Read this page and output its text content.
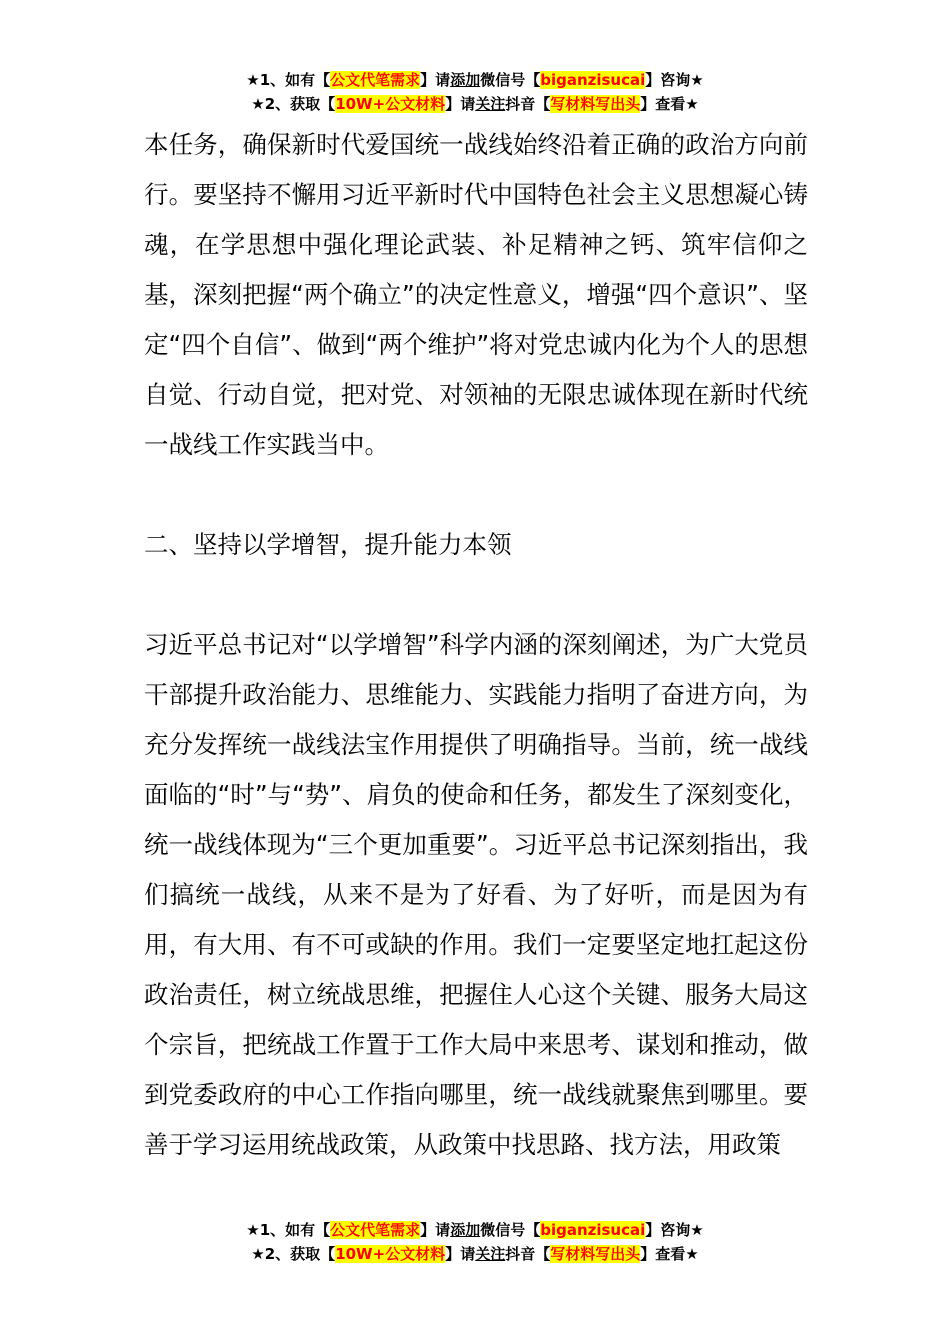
★1、如有【公文代笔需求】请添加微信号【biganzisucai】咨询★
★2、获取【10W+公文材料】请关注抖音【写材料写出头】查看★

本任务，确保新时代爱国统一战线始终沿着正确的政治方向前行。要坚持不懈用习近平新时代中国特色社会主义思想凝心铸魂，在学思想中强化理论武装、补足精神之钙、筑牢信仰之基，深刻把握“两个确立”的决定性意义，增强“四个意识”、坚定“四个自信”、做到“两个维护”将对党忠诚内化为个人的思想自觉、行动自觉，把对党、对领袖的无限忠诚体现在新时代统一战线工作实践当中。

二、坚持以学增智，提升能力本领

习近平总书记对“以学增智”科学内涵的深刻阐述，为广大党员干部提升政治能力、思维能力、实践能力指明了奋进方向，为充分发挥统一战线法宝作用提供了明确指导。当前，统一战线面临的“时”与“势”、肩负的使命和任务，都发生了深刻变化，统一战线体现为“三个更加重要”。习近平总书记深刻指出，我们搞统一战线，从来不是为了好看、为了好听，而是因为有用，有大用、有不可或缺的作用。我们一定要坚定地扛起这份政治责任，树立统战思维，把握住人心这个关键、服务大局这个宗旨，把统战工作置于工作大局中来思考、谋划和推动，做到党委政府的中心工作指向哪里，统一战线就聚焦到哪里。要善于学习运用统战政策，从政策中找思路、找方法，用政策

★1、如有【公文代笔需求】请添加微信号【biganzisucai】咨询★
★2、获取【10W+公文材料】请关注抖音【写材料写出头】查看★
